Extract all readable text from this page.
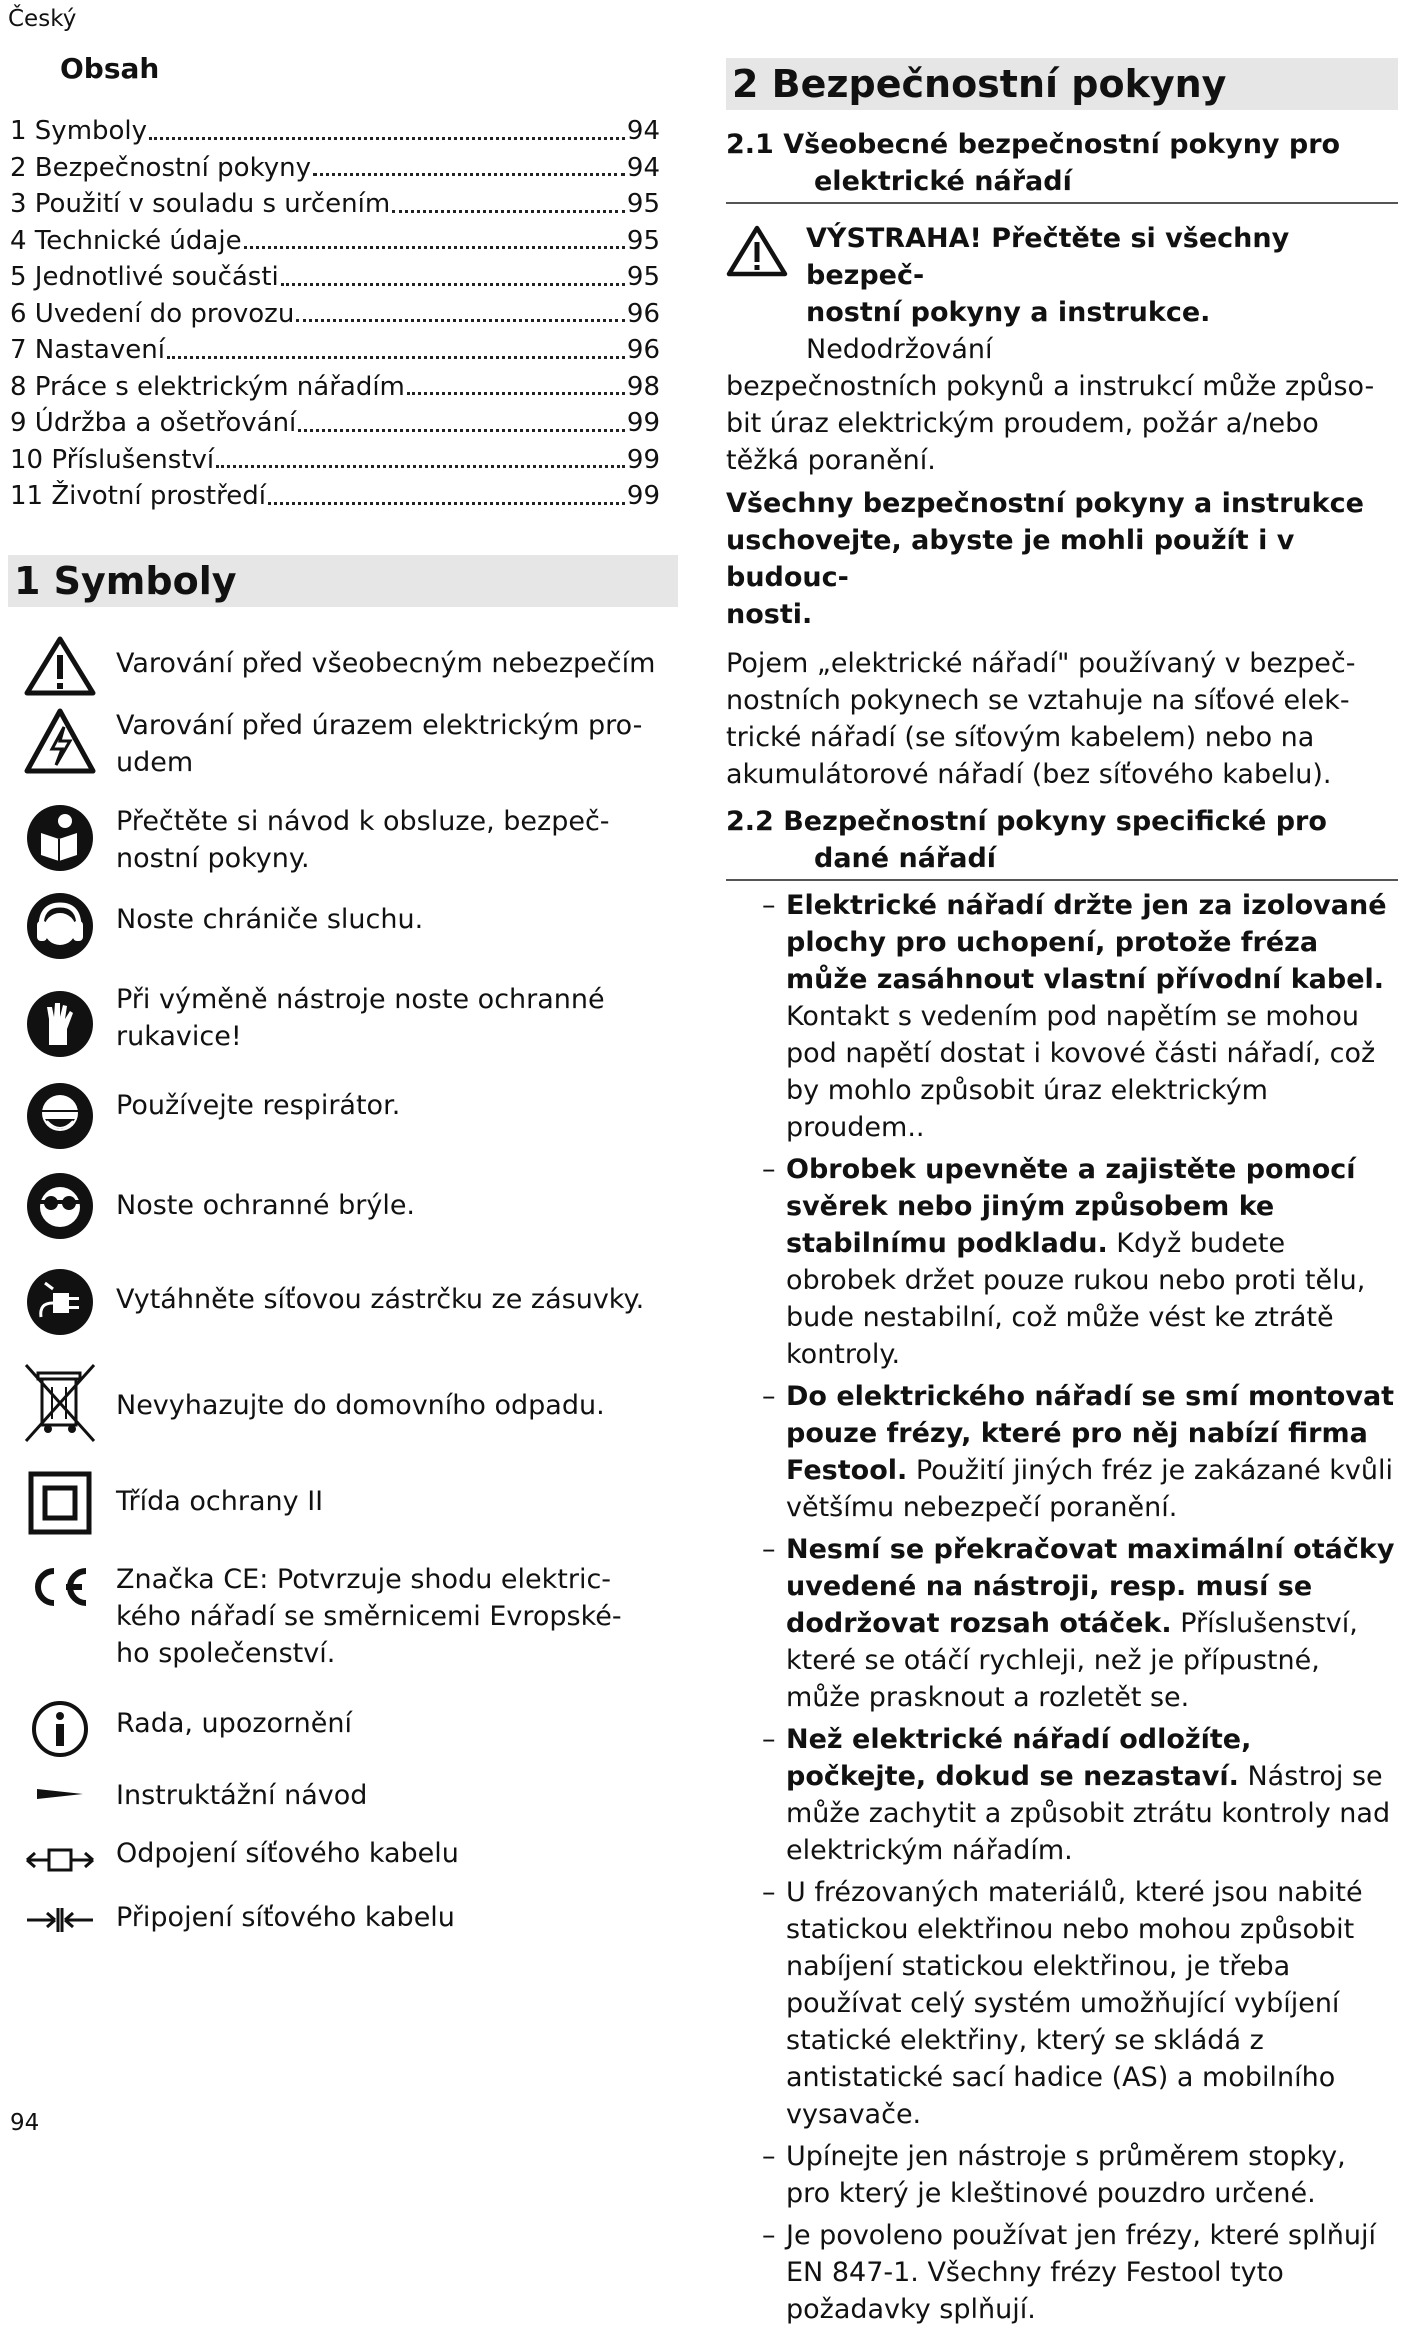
Český
Obsah
1 Symboly	94
2 Bezpečnostní pokyny	94
3 Použití v souladu s určením	95
4 Technické údaje	95
5 Jednotlivé součásti	95
6 Uvedení do provozu	96
7 Nastavení	96
8 Práce s elektrickým nářadím	98
9 Údržba a ošetřování	99
10 Příslušenství	99
11 Životní prostředí	99
1 Symboly
Varování před všeobecným nebezpečím
Varování před úrazem elektrickým pro-
udem
Přečtěte si návod k obsluze, bezpeč-
nostní pokyny.
Noste chrániče sluchu.
Při výměně nástroje noste ochranné
rukavice!
Používejte respirátor.
Noste ochranné brýle.
Vytáhněte síťovou zástrčku ze zásuvky.
Nevyhazujte do domovního odpadu.
Třída ochrany II
Značka CE: Potvrzuje shodu elektric-
kého nářadí se směrnicemi Evropské-
ho společenství.
Rada, upozornění
Instruktážní návod
Odpojení síťového kabelu
Připojení síťového kabelu
2 Bezpečnostní pokyny
2.1 Všeobecné bezpečnostní pokyny pro
elektrické nářadí
VÝSTRAHA! Přečtěte si všechny bezpeč-
nostní pokyny a instrukce. Nedodržování
bezpečnostních pokynů a instrukcí může způso-
bit úraz elektrickým proudem, požár a/nebo
těžká poranění.
Všechny bezpečnostní pokyny a instrukce
uschovejte, abyste je mohli použít i v budouc-
nosti.
Pojem „elektrické nářadí" používaný v bezpeč-
nostních pokynech se vztahuje na síťové elek-
trické nářadí (se síťovým kabelem) nebo na
akumulátorové nářadí (bez síťového kabelu).
2.2 Bezpečnostní pokyny specifické pro
dané nářadí
– Elektrické nářadí držte jen za izolované plochy pro uchopení, protože fréza může zasáhnout vlastní přívodní kabel. Kontakt s vedením pod napětím se mohou pod napětí dostat i kovové části nářadí, což by mohlo způsobit úraz elektrickým proudem..
– Obrobek upevněte a zajistěte pomocí svěrek nebo jiným způsobem ke stabilnímu podkladu. Když budete obrobek držet pouze rukou nebo proti tělu, bude nestabilní, což může vést ke ztrátě kontroly.
– Do elektrického nářadí se smí montovat pouze frézy, které pro něj nabízí firma Festool. Použití jiných fréz je zakázané kvůli většímu nebezpečí poranění.
– Nesmí se překračovat maximální otáčky uvedené na nástroji, resp. musí se dodržovat rozsah otáček. Příslušenství, které se otáčí rychleji, než je přípustné, může prasknout a rozletět se.
– Než elektrické nářadí odložíte, počkejte, dokud se nezastaví. Nástroj se může zachytit a způsobit ztrátu kontroly nad elektrickým nářadím.
– U frézovaných materiálů, které jsou nabité statickou elektřinou nebo mohou způsobit nabíjení statickou elektřinou, je třeba používat celý systém umožňující vybíjení statické elektřiny, který se skládá z antistatické sací hadice (AS) a mobilního vysavače.
– Upínejte jen nástroje s průměrem stopky, pro který je kleštinové pouzdro určené.
– Je povoleno používat jen frézy, které splňují EN 847-1. Všechny frézy Festool tyto požadavky splňují.
94
